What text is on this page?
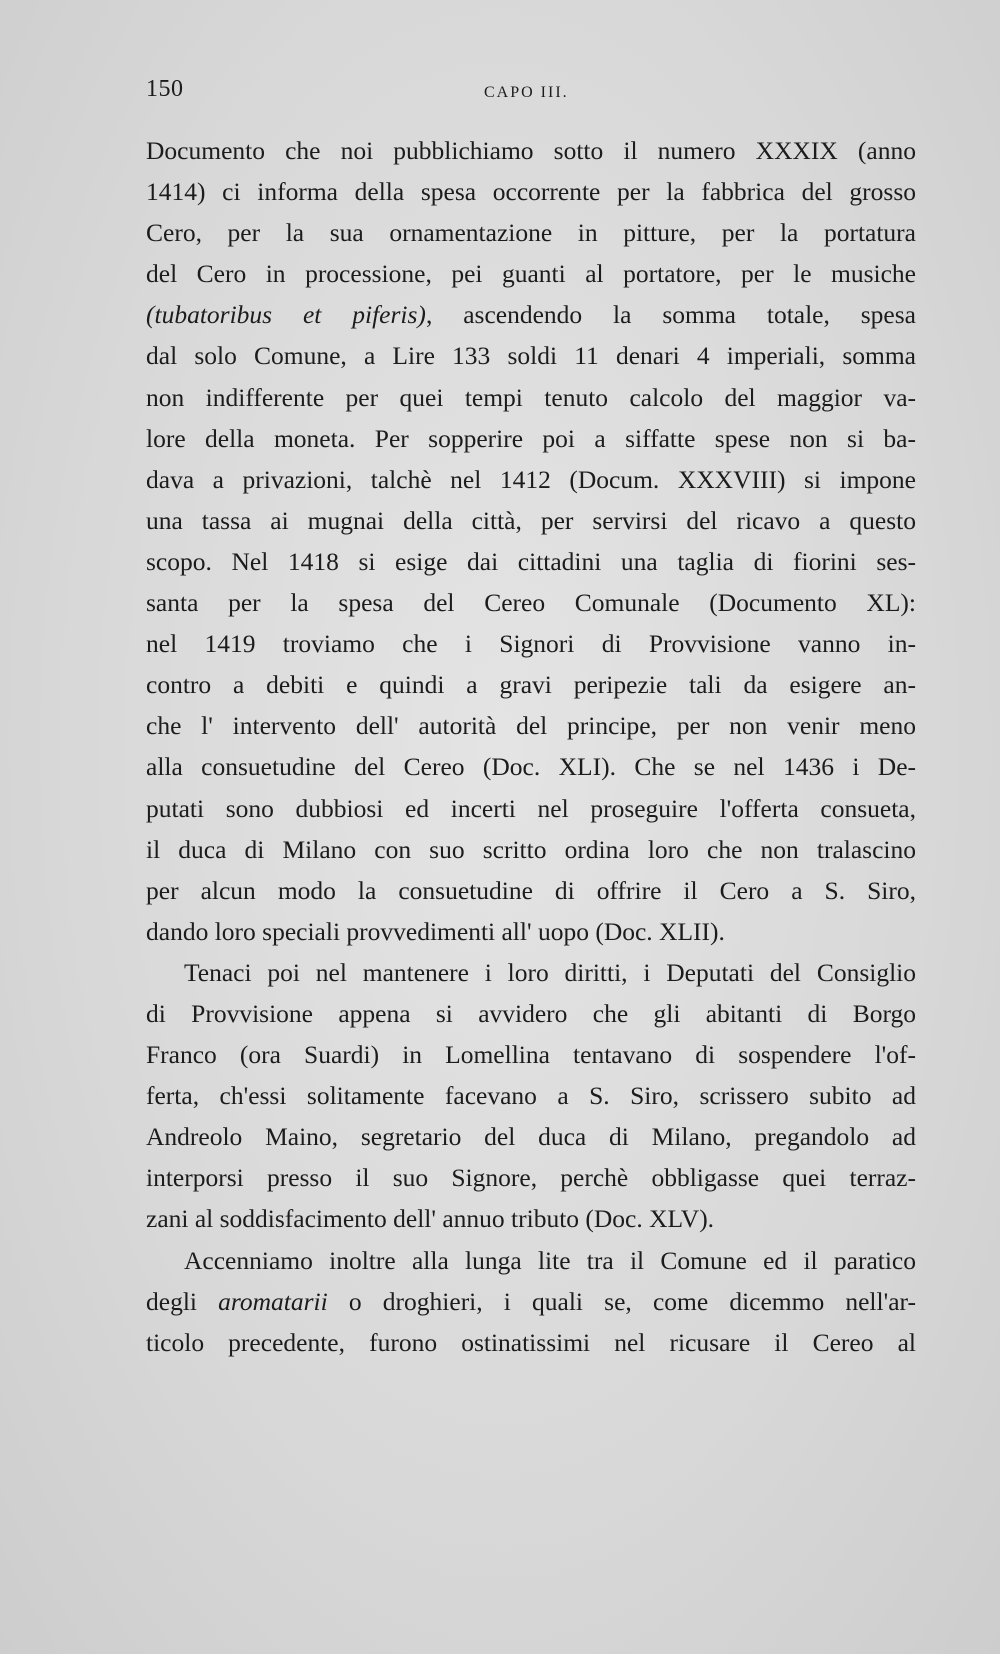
150	CAPO III.
Documento che noi pubblichiamo sotto il numero XXXIX (anno
1414) ci informa della spesa occorrente per la fabbrica del grosso
Cero, per la sua ornamentazione in pitture, per la portatura
del Cero in processione, pei guanti al portatore, per le musiche
(tubatoribus et piferis), ascendendo la somma totale, spesa
dal solo Comune, a Lire 133 soldi 11 denari 4 imperiali, somma
non indifferente per quei tempi tenuto calcolo del maggior va-
lore della moneta. Per sopperire poi a siffatte spese non si ba-
dava a privazioni, talchè nel 1412 (Docum. XXXVIII) si impone
una tassa ai mugnai della città, per servirsi del ricavo a questo
scopo. Nel 1418 si esige dai cittadini una taglia di fiorini ses-
santa per la spesa del Cereo Comunale (Documento XL):
nel 1419 troviamo che i Signori di Provvisione vanno in-
contro a debiti e quindi a gravi peripezie tali da esigere an-
che l' intervento dell' autorità del principe, per non venir meno
alla consuetudine del Cereo (Doc. XLI). Che se nel 1436 i De-
putati sono dubbiosi ed incerti nel proseguire l'offerta consueta,
il duca di Milano con suo scritto ordina loro che non tralascino
per alcun modo la consuetudine di offrire il Cero a S. Siro,
dando loro speciali provvedimenti all' uopo (Doc. XLII).
Tenaci poi nel mantenere i loro diritti, i Deputati del Consiglio
di Provvisione appena si avvidero che gli abitanti di Borgo
Franco (ora Suardi) in Lomellina tentavano di sospendere l'of-
ferta, ch'essi solitamente facevano a S. Siro, scrissero subito ad
Andreolo Maino, segretario del duca di Milano, pregandolo ad
interporsi presso il suo Signore, perchè obbligasse quei terraz-
zani al soddisfacimento dell' annuo tributo (Doc. XLV).
Accenniamo inoltre alla lunga lite tra il Comune ed il paratico
degli aromatarii o droghieri, i quali se, come dicemmo nell'ar-
ticolo precedente, furono ostinatissimi nel ricusare il Cereo al
